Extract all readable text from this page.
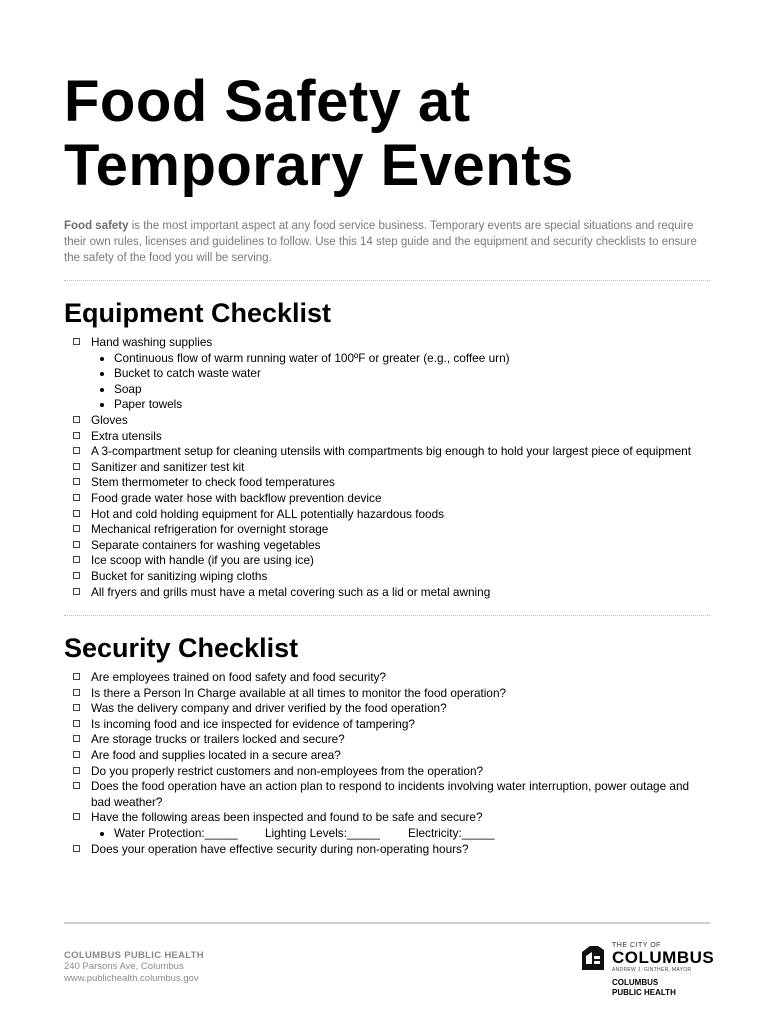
Food Safety at
Temporary Events
Food safety is the most important aspect at any food service business. Temporary events are special situations and require their own rules, licenses and guidelines to follow. Use this 14 step guide and the equipment and security checklists to ensure the safety of the food you will be serving.
Equipment Checklist
Hand washing supplies
Continuous flow of warm running water of 100ºF or greater (e.g., coffee urn)
Bucket to catch waste water
Soap
Paper towels
Gloves
Extra utensils
A 3-compartment setup for cleaning utensils with compartments big enough to hold your largest piece of equipment
Sanitizer and sanitizer test kit
Stem thermometer to check food temperatures
Food grade water hose with backflow prevention device
Hot and cold holding equipment for ALL potentially hazardous foods
Mechanical refrigeration for overnight storage
Separate containers for washing vegetables
Ice scoop with handle (if you are using ice)
Bucket for sanitizing wiping cloths
All fryers and grills must have a metal covering such as a lid or metal awning
Security Checklist
Are employees trained on food safety and food security?
Is there a Person In Charge available at all times to monitor the food operation?
Was the delivery company and driver verified by the food operation?
Is incoming food and ice inspected for evidence of tampering?
Are storage trucks or trailers locked and secure?
Are food and supplies located in a secure area?
Do you properly restrict customers and non-employees from the operation?
Does the food operation have an action plan to respond to incidents involving water interruption, power outage and bad weather?
Have the following areas been inspected and found to be safe and secure?
Water Protection:_____ Lighting Levels:_____ Electricity:_____
Does your operation have effective security during non-operating hours?
COLUMBUS PUBLIC HEALTH
240 Parsons Ave, Columbus
www.publichealth.columbus.gov
THE CITY OF
COLUMBUS
ANDREW J. GINTHER, MAYOR
COLUMBUS
PUBLIC HEALTH
